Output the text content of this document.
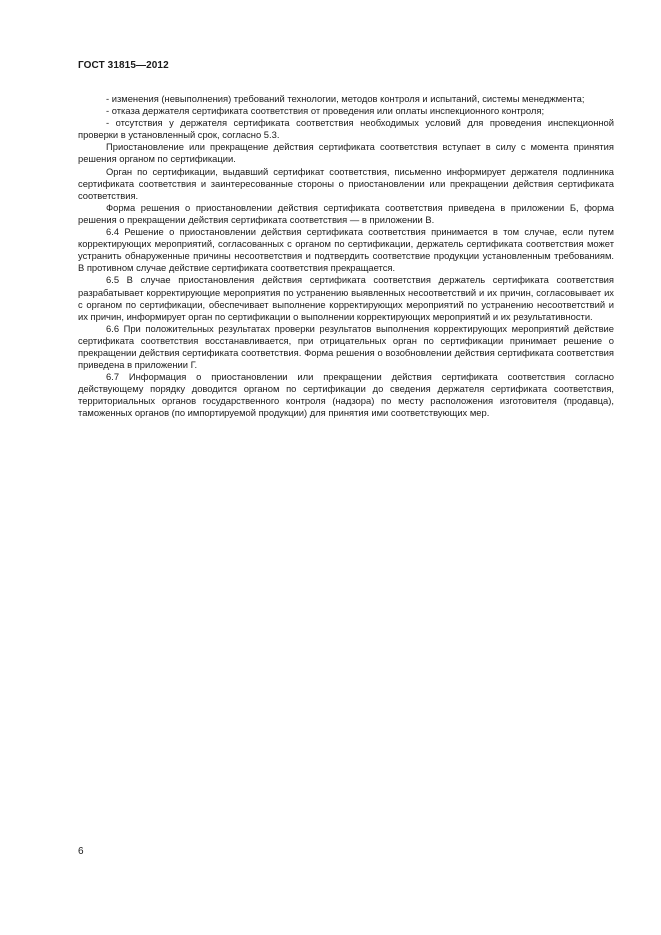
ГОСТ 31815—2012

- изменения (невыполнения) требований технологии, методов контроля и испытаний, системы менеджмента;

- отказа держателя сертификата соответствия от проведения или оплаты инспекционного контроля;

- отсутствия у держателя сертификата соответствия необходимых условий для проведения инспекционной проверки в установленный срок, согласно 5.3.

Приостановление или прекращение действия сертификата соответствия вступает в силу с момента принятия решения органом по сертификации.

Орган по сертификации, выдавший сертификат соответствия, письменно информирует держателя подлинника сертификата соответствия и заинтересованные стороны о приостановлении или прекращении действия сертификата соответствия.

Форма решения о приостановлении действия сертификата соответствия приведена в приложении Б, форма решения о прекращении действия сертификата соответствия — в приложении В.

6.4 Решение о приостановлении действия сертификата соответствия принимается в том случае, если путем корректирующих мероприятий, согласованных с органом по сертификации, держатель сертификата соответствия может устранить обнаруженные причины несоответствия и подтвердить соответствие продукции установленным требованиям. В противном случае действие сертификата соответствия прекращается.

6.5 В случае приостановления действия сертификата соответствия держатель сертификата соответствия разрабатывает корректирующие мероприятия по устранению выявленных несоответствий и их причин, согласовывает их с органом по сертификации, обеспечивает выполнение корректирующих мероприятий по устранению несоответствий и их причин, информирует орган по сертификации о выполнении корректирующих мероприятий и их результативности.

6.6 При положительных результатах проверки результатов выполнения корректирующих мероприятий действие сертификата соответствия восстанавливается, при отрицательных орган по сертификации принимает решение о прекращении действия сертификата соответствия. Форма решения о возобновлении действия сертификата соответствия приведена в приложении Г.

6.7 Информация о приостановлении или прекращении действия сертификата соответствия согласно действующему порядку доводится органом по сертификации до сведения держателя сертификата соответствия, территориальных органов государственного контроля (надзора) по месту расположения изготовителя (продавца), таможенных органов (по импортируемой продукции) для принятия ими соответствующих мер.

6
